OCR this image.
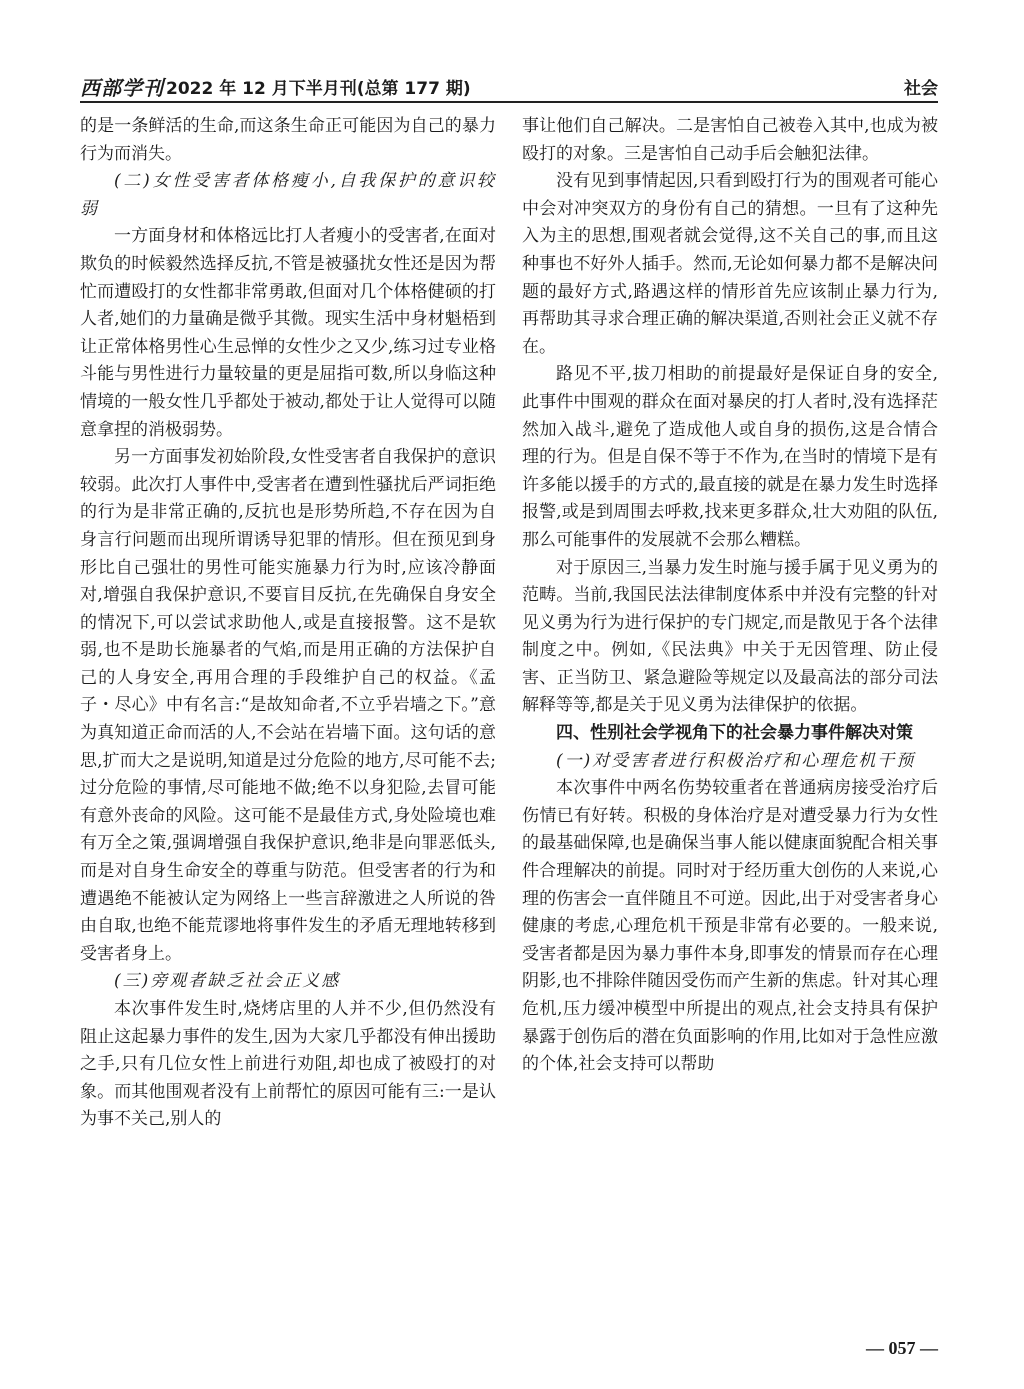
西部学刊 2022 年 12 月下半月刊(总第 177 期)	社会

的是一条鲜活的生命,而这条生命正可能因为自己的暴力行为而消失。

(二)女性受害者体格瘦小,自我保护的意识较弱

一方面身材和体格远比打人者瘦小的受害者,在面对欺负的时候毅然选择反抗,不管是被骚扰女性还是因为帮忙而遭殴打的女性都非常勇敢,但面对几个体格健硕的打人者,她们的力量确是微乎其微。现实生活中身材魁梧到让正常体格男性心生忌惮的女性少之又少,练习过专业格斗能与男性进行力量较量的更是屈指可数,所以身临这种情境的一般女性几乎都处于被动,都处于让人觉得可以随意拿捏的消极弱势。

另一方面事发初始阶段,女性受害者自我保护的意识较弱。此次打人事件中,受害者在遭到性骚扰后严词拒绝的行为是非常正确的,反抗也是形势所趋,不存在因为自身言行问题而出现所谓诱导犯罪的情形。但在预见到身形比自己强壮的男性可能实施暴力行为时,应该冷静面对,增强自我保护意识,不要盲目反抗,在先确保自身安全的情况下,可以尝试求助他人,或是直接报警。这不是软弱,也不是助长施暴者的气焰,而是用正确的方法保护自己的人身安全,再用合理的手段维护自己的权益。《孟子・尽心》中有名言:“是故知命者,不立乎岩墙之下。”意为真知道正命而活的人,不会站在岩墙下面。这句话的意思,扩而大之是说明,知道是过分危险的地方,尽可能不去;过分危险的事情,尽可能地不做;绝不以身犯险,去冒可能有意外丧命的风险。这可能不是最佳方式,身处险境也难有万全之策,强调增强自我保护意识,绝非是向罪恶低头,而是对自身生命安全的尊重与防范。但受害者的行为和遭遇绝不能被认定为网络上一些言辞激进之人所说的咎由自取,也绝不能荒谬地将事件发生的矛盾无理地转移到受害者身上。

(三)旁观者缺乏社会正义感

本次事件发生时,烧烤店里的人并不少,但仍然没有阻止这起暴力事件的发生,因为大家几乎都没有伸出援助之手,只有几位女性上前进行劝阻,却也成了被殴打的对象。而其他围观者没有上前帮忙的原因可能有三:一是认为事不关己,别人的

事让他们自己解决。二是害怕自己被卷入其中,也成为被殴打的对象。三是害怕自己动手后会触犯法律。

没有见到事情起因,只看到殴打行为的围观者可能心中会对冲突双方的身份有自己的猜想。一旦有了这种先入为主的思想,围观者就会觉得,这不关自己的事,而且这种事也不好外人插手。然而,无论如何暴力都不是解决问题的最好方式,路遇这样的情形首先应该制止暴力行为,再帮助其寻求合理正确的解决渠道,否则社会正义就不存在。

路见不平,拔刀相助的前提最好是保证自身的安全,此事件中围观的群众在面对暴戾的打人者时,没有选择茫然加入战斗,避免了造成他人或自身的损伤,这是合情合理的行为。但是自保不等于不作为,在当时的情境下是有许多能以援手的方式的,最直接的就是在暴力发生时选择报警,或是到周围去呼救,找来更多群众,壮大劝阻的队伍,那么可能事件的发展就不会那么糟糕。

对于原因三,当暴力发生时施与援手属于见义勇为的范畴。当前,我国民法法律制度体系中并没有完整的针对见义勇为行为进行保护的专门规定,而是散见于各个法律制度之中。例如,《民法典》中关于无因管理、防止侵害、正当防卫、紧急避险等规定以及最高法的部分司法解释等等,都是关于见义勇为法律保护的依据。

四、性别社会学视角下的社会暴力事件解决对策

(一)对受害者进行积极治疗和心理危机干预

本次事件中两名伤势较重者在普通病房接受治疗后伤情已有好转。积极的身体治疗是对遭受暴力行为女性的最基础保障,也是确保当事人能以健康面貌配合相关事件合理解决的前提。同时对于经历重大创伤的人来说,心理的伤害会一直伴随且不可逆。因此,出于对受害者身心健康的考虑,心理危机干预是非常有必要的。一般来说,受害者都是因为暴力事件本身,即事发的情景而存在心理阴影,也不排除伴随因受伤而产生新的焦虑。针对其心理危机,压力缓冲模型中所提出的观点,社会支持具有保护暴露于创伤后的潜在负面影响的作用,比如对于急性应激的个体,社会支持可以帮助

— 057 —
